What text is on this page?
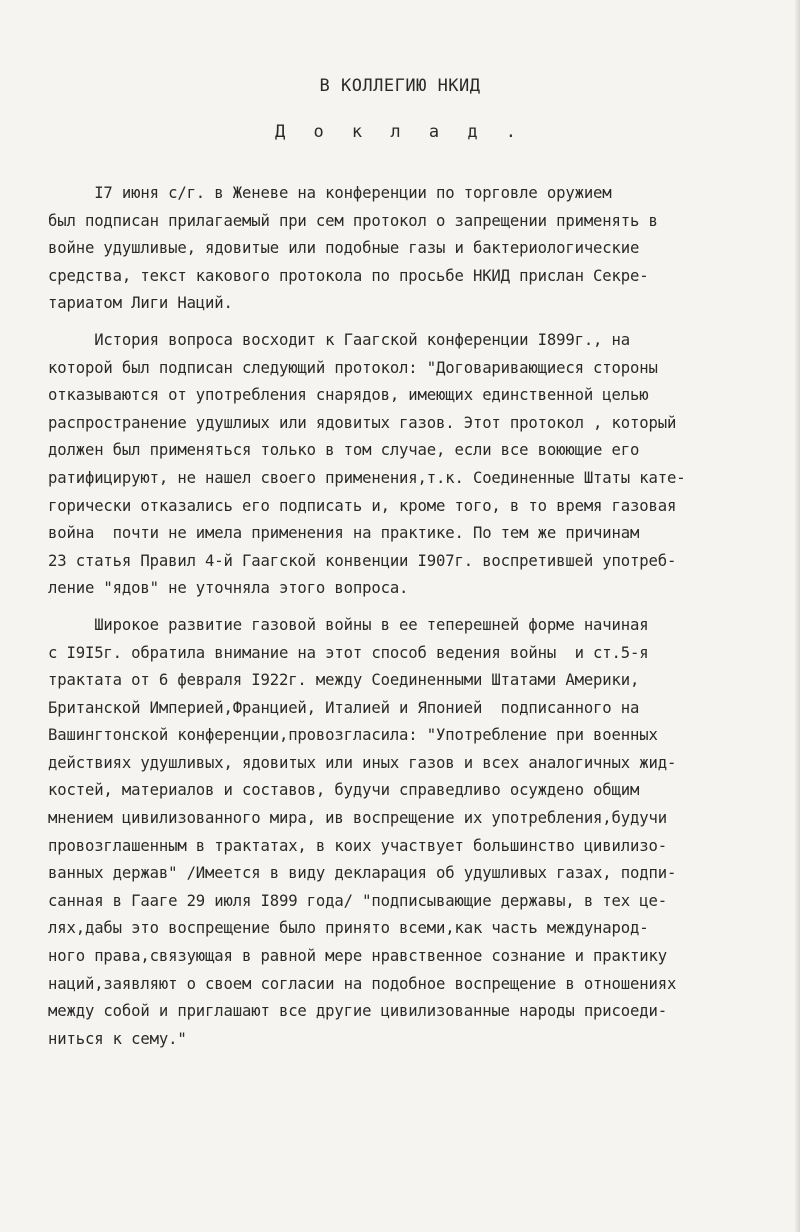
В КОЛЛЕГИЮ НКИД
Д о к л а д .
I7 июня с/г. в Женеве на конференции по торговле оружием
был подписан прилагаемый при сем протокол о запрещении применять в
войне удушливые, ядовитые или подобные газы и бактериологические
средства, текст какового протокола по просьбе НКИД прислан Секре-
тариатом Лиги Наций.
История вопроса восходит к Гаагской конференции I899г., на
которой был подписан следующий протокол: "Договаривающиеся стороны
отказываются от употребления снарядов, имеющих единственной целью
распространение удушлиых или ядовитых газов. Этот протокол , который
должен был применяться только в том случае, если все воюющие его
ратифицируют, не нашел своего применения,т.к. Соединенные Штаты кате-
горически отказались его подписать и, кроме того, в то время газовая
война  почти не имела применения на практике. По тем же причинам
23 статья Правил 4-й Гаагской конвенции I907г. воспретившей употреб-
ление "ядов" не уточняла этого вопроса.
Широкое развитие газовой войны в ее теперешней форме начиная
с I9I5г. обратила внимание на этот способ ведения войны  и ст.5-я
трактата от 6 февраля I922г. между Соединенными Штатами Америки,
Британской Империей,Францией, Италией и Японией  подписанного на
Вашингтонской конференции,провозгласила: "Употребление при военных
действиях удушливых, ядовитых или иных газов и всех аналогичных жид-
костей, материалов и составов, будучи справедливо осуждено общим
мнением цивилизованного мира, ив воспрещение их употребления,будучи
провозглашенным в трактатах, в коих участвует большинство цивилизо-
ванных держав" /Имеется в виду декларация об удушливых газах, подпи-
санная в Гааге 29 июля I899 года/ "подписывающие державы, в тех це-
лях,дабы это воспрещение было принято всеми,как часть международ-
ного права,связующая в равной мере нравственное сознание и практику
наций,заявляют о своем согласии на подобное воспрещение в отношениях
между собой и приглашают все другие цивилизованные народы присоеди-
ниться к сему."
